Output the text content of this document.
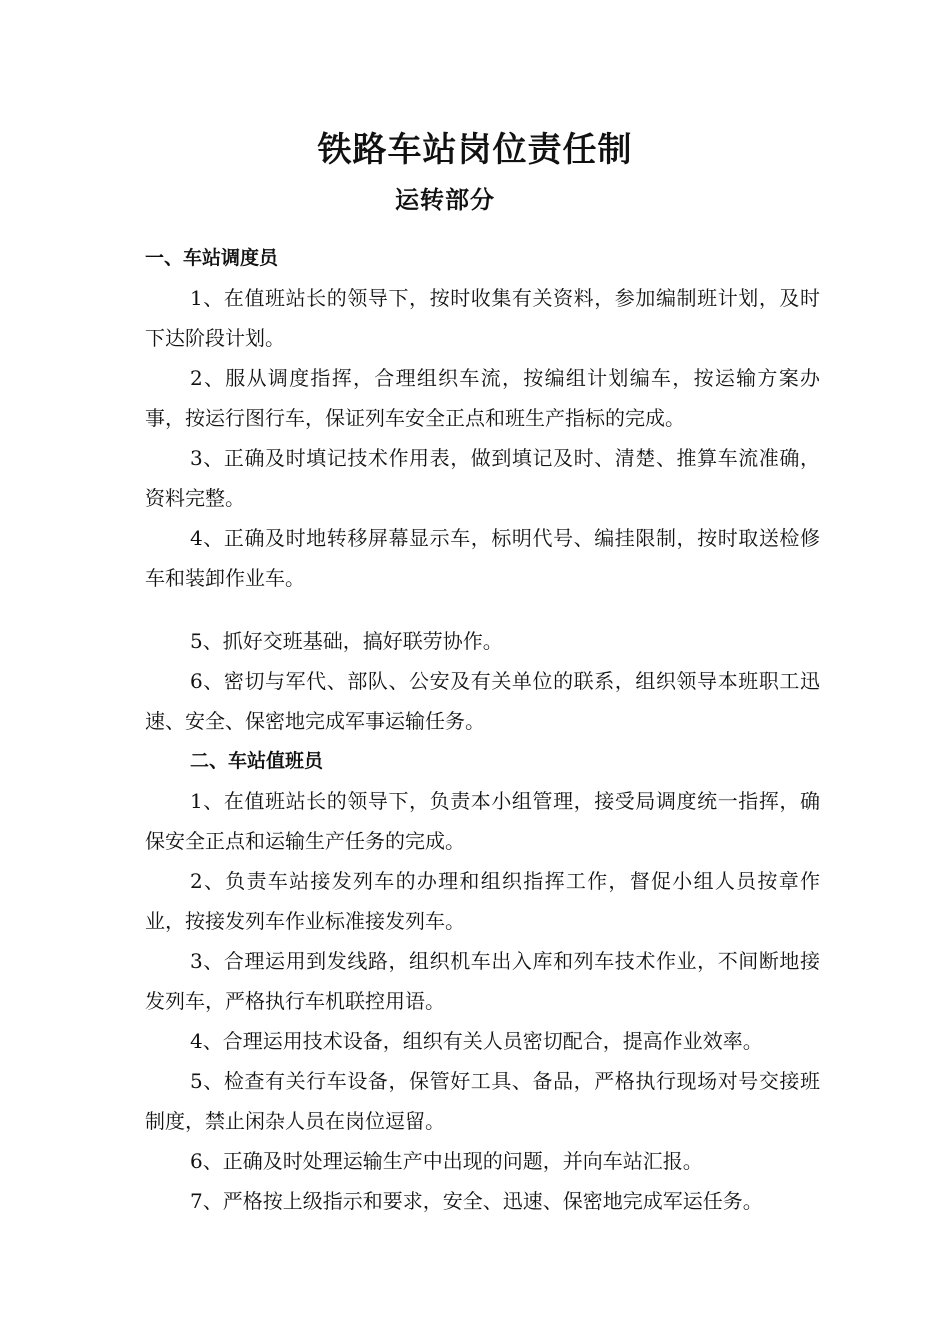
铁路车站岗位责任制
运转部分

一、车站调度员

1、在值班站长的领导下，按时收集有关资料，参加编制班计划，及时下达阶段计划。

2、服从调度指挥，合理组织车流，按编组计划编车，按运输方案办事，按运行图行车，保证列车安全正点和班生产指标的完成。

3、正确及时填记技术作用表，做到填记及时、清楚、推算车流准确，资料完整。

4、正确及时地转移屏幕显示车，标明代号、编挂限制，按时取送检修车和装卸作业车。

5、抓好交班基础，搞好联劳协作。

6、密切与军代、部队、公安及有关单位的联系，组织领导本班职工迅速、安全、保密地完成军事运输任务。

二、车站值班员

1、在值班站长的领导下，负责本小组管理，接受局调度统一指挥，确保安全正点和运输生产任务的完成。

2、负责车站接发列车的办理和组织指挥工作，督促小组人员按章作业，按接发列车作业标准接发列车。

3、合理运用到发线路，组织机车出入库和列车技术作业，不间断地接发列车，严格执行车机联控用语。

4、合理运用技术设备，组织有关人员密切配合，提高作业效率。

5、检查有关行车设备，保管好工具、备品，严格执行现场对号交接班制度，禁止闲杂人员在岗位逗留。

6、正确及时处理运输生产中出现的问题，并向车站汇报。

7、严格按上级指示和要求，安全、迅速、保密地完成军运任务。
